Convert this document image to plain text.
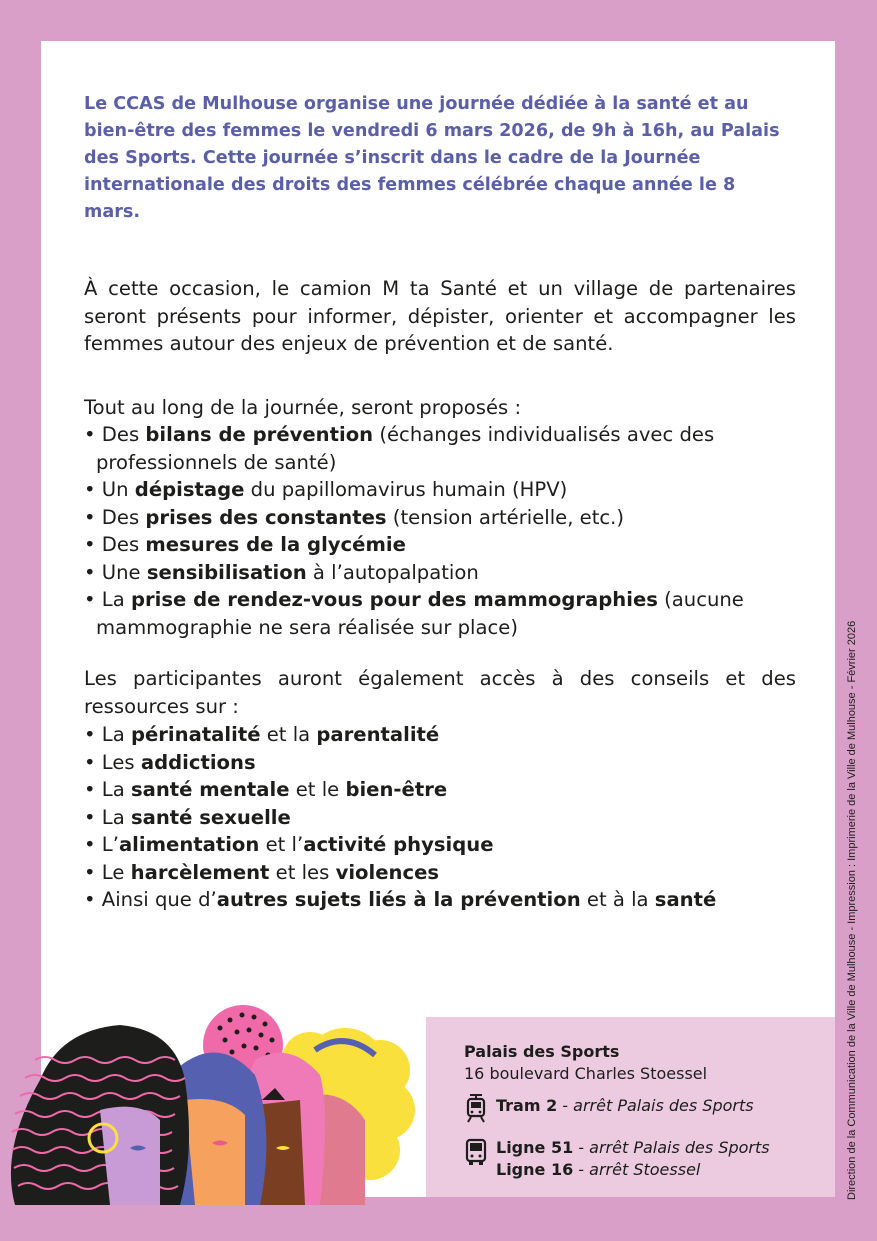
Le CCAS de Mulhouse organise une journée dédiée à la santé et au bien-être des femmes le vendredi 6 mars 2026, de 9h à 16h, au Palais des Sports. Cette journée s’inscrit dans le cadre de la Journée internationale des droits des femmes célébrée chaque année le 8 mars.

À cette occasion, le camion M ta Santé et un village de partenaires seront présents pour informer, dépister, orienter et accompagner les femmes autour des enjeux de prévention et de santé.

Tout au long de la journée, seront proposés :

• Des bilans de prévention (échanges individualisés avec des professionnels de santé)
• Un dépistage du papillomavirus humain (HPV)
• Des prises des constantes (tension artérielle, etc.)
• Des mesures de la glycémie
• Une sensibilisation à l’autopalpation
• La prise de rendez-vous pour des mammographies (aucune mammographie ne sera réalisée sur place)

Les participantes auront également accès à des conseils et des ressources sur :

• La périnatalité et la parentalité
• Les addictions
• La santé mentale et le bien-être
• La santé sexuelle
• L’alimentation et l’activité physique
• Le harcèlement et les violences
• Ainsi que d’autres sujets liés à la prévention et à la santé
Palais des Sports
16 boulevard Charles Stoessel
Tram 2 - arrêt Palais des Sports
Ligne 51 - arrêt Palais des Sports
Ligne 16 - arrêt Stoessel	Direction de la Communication de la Ville de Mulhouse - Impression : Imprimerie de la Ville de Mulhouse - Février 2026
